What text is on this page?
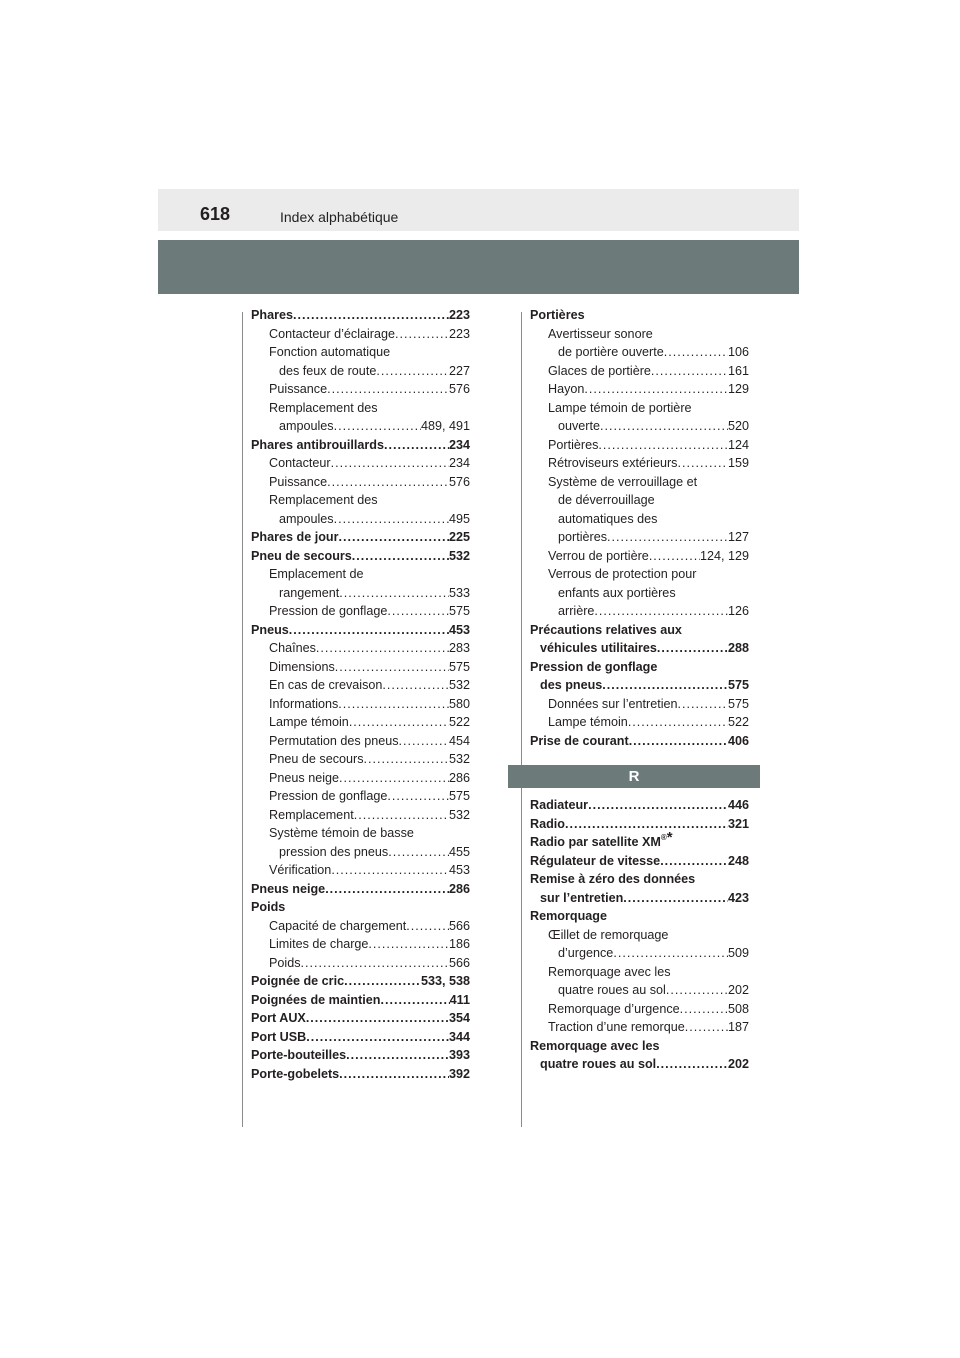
618	Index alphabétique
Phares .....	223
Contacteur d’éclairage .....	223
Fonction automatique
des feux de route .....	227
Puissance .....	576
Remplacement des
ampoules .....	489, 491
Phares antibrouillards .....	234
Contacteur .....	234
Puissance .....	576
Remplacement des
ampoules .....	495
Phares de jour .....	225
Pneu de secours .....	532
Emplacement de
rangement .....	533
Pression de gonflage .....	575
Pneus .....	453
Chaînes .....	283
Dimensions .....	575
En cas de crevaison .....	532
Informations .....	580
Lampe témoin .....	522
Permutation des pneus .....	454
Pneu de secours .....	532
Pneus neige .....	286
Pression de gonflage .....	575
Remplacement .....	532
Système témoin de basse
pression des pneus .....	455
Vérification .....	453
Pneus neige .....	286
Poids
Capacité de chargement .....	566
Limites de charge .....	186
Poids .....	566
Poignée de cric .....	533, 538
Poignées de maintien .....	411
Port AUX .....	354
Port USB .....	344
Porte-bouteilles .....	393
Porte-gobelets .....	392
Portières
Avertisseur sonore
de portière ouverte .....	106
Glaces de portière .....	161
Hayon .....	129
Lampe témoin de portière
ouverte .....	520
Portières .....	124
Rétroviseurs extérieurs .....	159
Système de verrouillage et
de déverrouillage
automatiques des
portières .....	127
Verrou de portière .....	124, 129
Verrous de protection pour
enfants aux portières
arrière .....	126
Précautions relatives aux
véhicules utilitaires .....	288
Pression de gonflage
des pneus .....	575
Données sur l’entretien .....	575
Lampe témoin .....	522
Prise de courant .....	406
R
Radiateur .....	446
Radio .....	321
Radio par satellite XM®*
Régulateur de vitesse .....	248
Remise à zéro des données
sur l’entretien .....	423
Remorquage
Œillet de remorquage
d’urgence .....	509
Remorquage avec les
quatre roues au sol .....	202
Remorquage d’urgence .....	508
Traction d’une remorque .....	187
Remorquage avec les
quatre roues au sol .....	202
